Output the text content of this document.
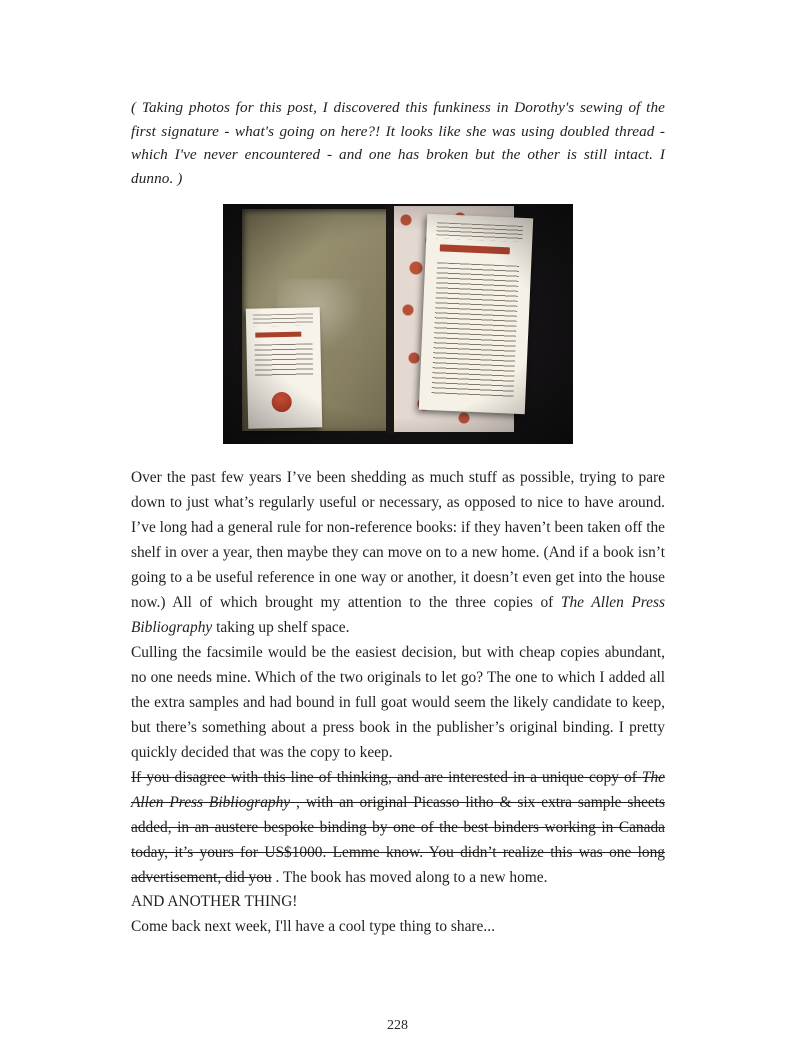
( Taking photos for this post, I discovered this funkiness in Dorothy's sewing of the first signature - what's going on here?! It looks like she was using doubled thread - which I've never encountered - and one has broken but the other is still intact. I dunno. )

Over the past few years I’ve been shedding as much stuff as possible, trying to pare down to just what’s regularly useful or necessary, as opposed to nice to have around. I’ve long had a general rule for non-reference books: if they haven’t been taken off the shelf in over a year, then maybe they can move on to a new home. (And if a book isn’t going to a be useful reference in one way or another, it doesn’t even get into the house now.) All of which brought my attention to the three copies of The Allen Press Bibliography taking up shelf space.

Culling the facsimile would be the easiest decision, but with cheap copies abundant, no one needs mine. Which of the two originals to let go? The one to which I added all the extra samples and had bound in full goat would seem the likely candidate to keep, but there’s something about a press book in the publisher’s original binding. I pretty quickly decided that was the copy to keep.

If you disagree with this line of thinking, and are interested in a unique copy of The Allen Press Bibliography , with an original Picasso litho & six extra sample sheets added, in an austere bespoke binding by one of the best binders working in Canada today, it’s yours for US$1000. Lemme know. You didn’t realize this was one long advertisement, did you . The book has moved along to a new home.

AND ANOTHER THING!

Come back next week, I'll have a cool type thing to share...

228
